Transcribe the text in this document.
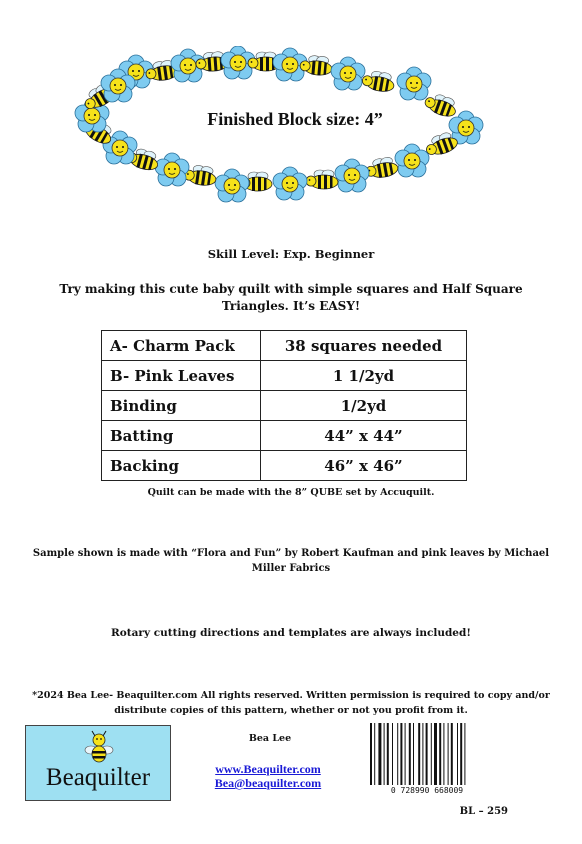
Finished Block size: 4”
Skill Level: Exp. Beginner
Try making this cute baby quilt with simple squares and Half Square Triangles. It’s EASY!
A- Charm Pack	38 squares needed
B- Pink Leaves	1 1/2yd
Binding	1/2yd
Batting	44” x 44”
Backing	46” x 46”
Quilt can be made with the 8” QUBE set by Accuquilt.
Sample shown is made with “Flora and Fun” by Robert Kaufman and pink leaves by Michael Miller Fabrics
Rotary cutting directions and templates are always included!
*2024 Bea Lee- Beaquilter.com All rights reserved. Written permission is required to copy and/or distribute copies of this pattern, whether or not you profit from it.
Beaquilter
Bea Lee
www.Beaquilter.com
Bea@beaquilter.com
0 728990 668009
BL – 259
